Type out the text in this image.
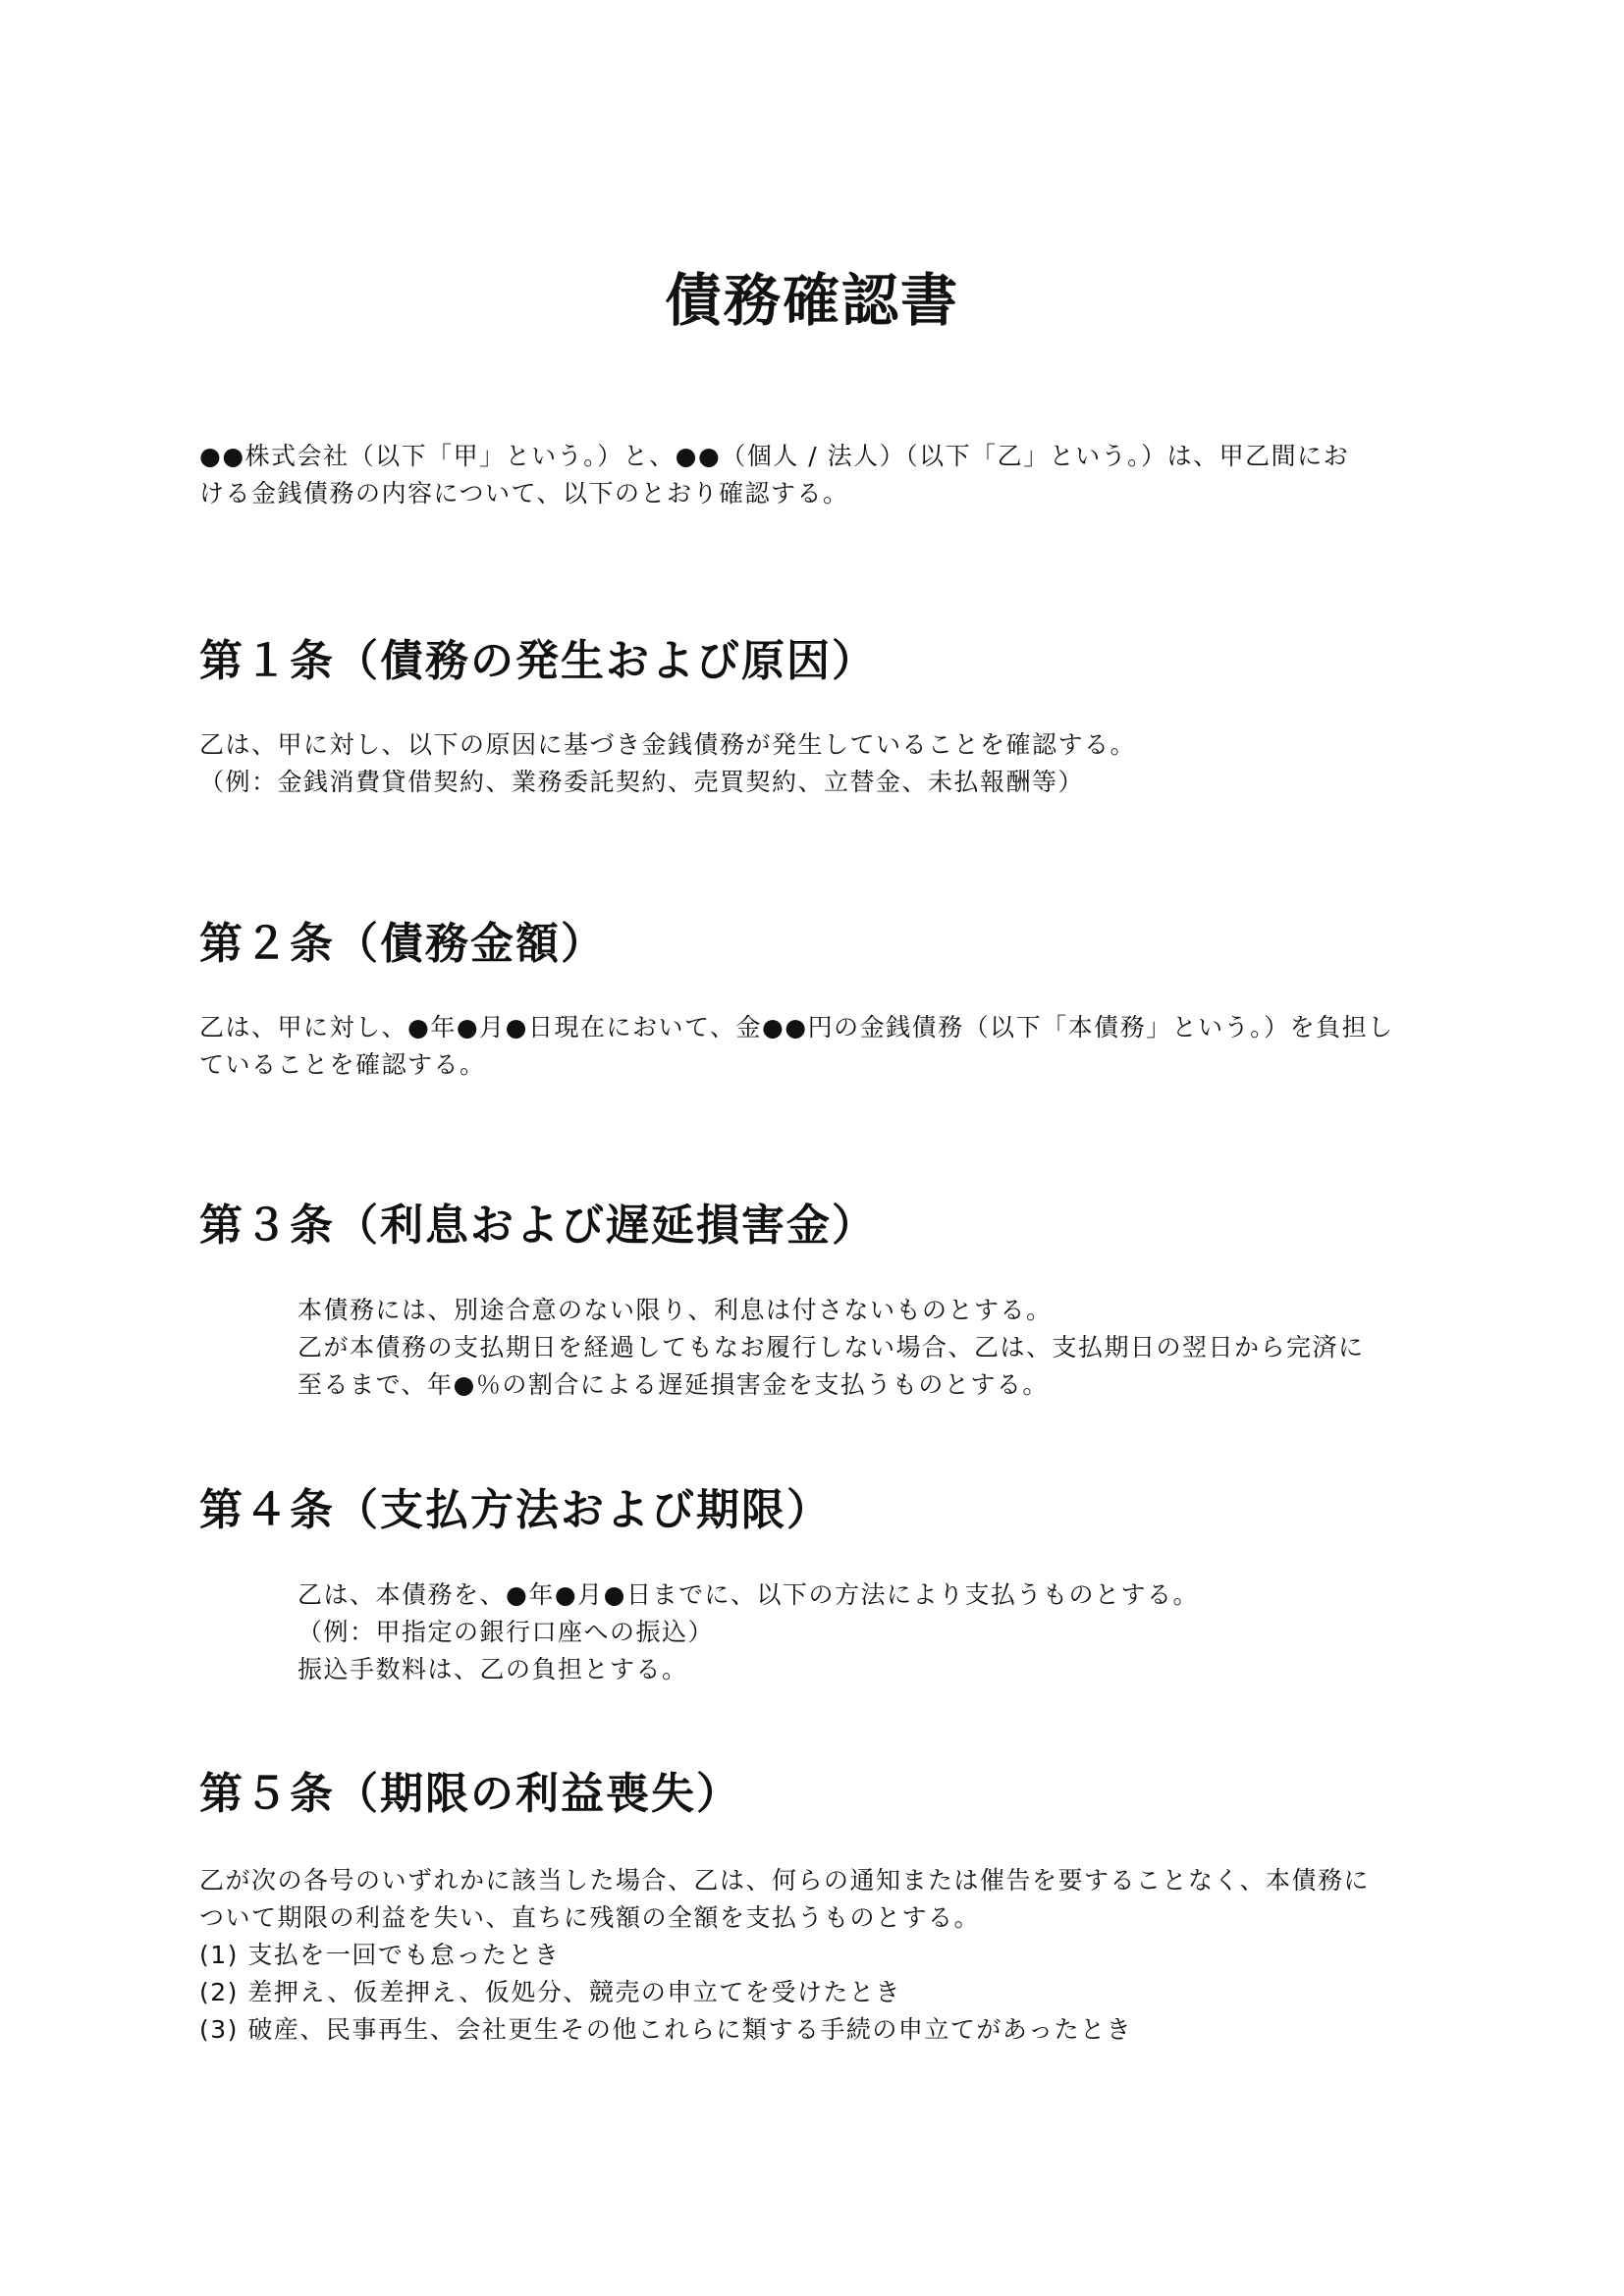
債務確認書

●●株式会社（以下「甲」という。）と、●●（個人 / 法人）（以下「乙」という。）は、甲乙間にお
ける金銭債務の内容について、以下のとおり確認する。

第１条（債務の発生および原因）

乙は、甲に対し、以下の原因に基づき金銭債務が発生していることを確認する。
（例：金銭消費貸借契約、業務委託契約、売買契約、立替金、未払報酬等）

第２条（債務金額）

乙は、甲に対し、●年●月●日現在において、金●●円の金銭債務（以下「本債務」という。）を負担し
ていることを確認する。

第３条（利息および遅延損害金）

本債務には、別途合意のない限り、利息は付さないものとする。
乙が本債務の支払期日を経過してもなお履行しない場合、乙は、支払期日の翌日から完済に
至るまで、年●％の割合による遅延損害金を支払うものとする。

第４条（支払方法および期限）

乙は、本債務を、●年●月●日までに、以下の方法により支払うものとする。
（例：甲指定の銀行口座への振込）
振込手数料は、乙の負担とする。

第５条（期限の利益喪失）

乙が次の各号のいずれかに該当した場合、乙は、何らの通知または催告を要することなく、本債務に
ついて期限の利益を失い、直ちに残額の全額を支払うものとする。
(1) 支払を一回でも怠ったとき
(2) 差押え、仮差押え、仮処分、競売の申立てを受けたとき
(3) 破産、民事再生、会社更生その他これらに類する手続の申立てがあったとき
